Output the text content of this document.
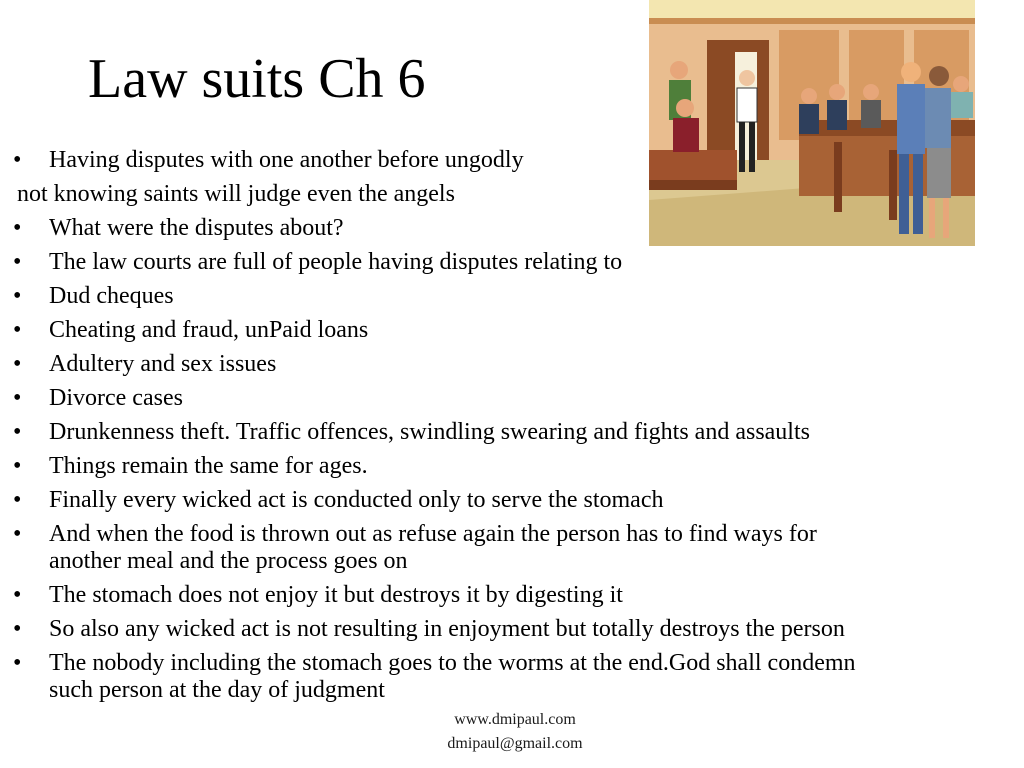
Law suits Ch 6
• Having disputes with one another before ungodly
not knowing saints will judge even the angels
• What were the disputes about?
• The law courts are full of people having disputes relating to
• Dud cheques
• Cheating and fraud, unPaid loans
• Adultery and sex issues
• Divorce cases
• Drunkenness theft. Traffic offences, swindling swearing and fights and assaults
• Things remain the same for ages.
• Finally every wicked act is conducted only to serve the stomach
• And when the food is thrown out as refuse again the person has to find ways for another meal and the process goes on
• The stomach does not enjoy it but destroys it by digesting it
• So also any wicked act is not resulting in enjoyment but totally destroys the person
• The nobody including the stomach goes to the worms at the end.God shall condemn such person at the day of judgment
www.dmipaul.com
dmipaul@gmail.com
